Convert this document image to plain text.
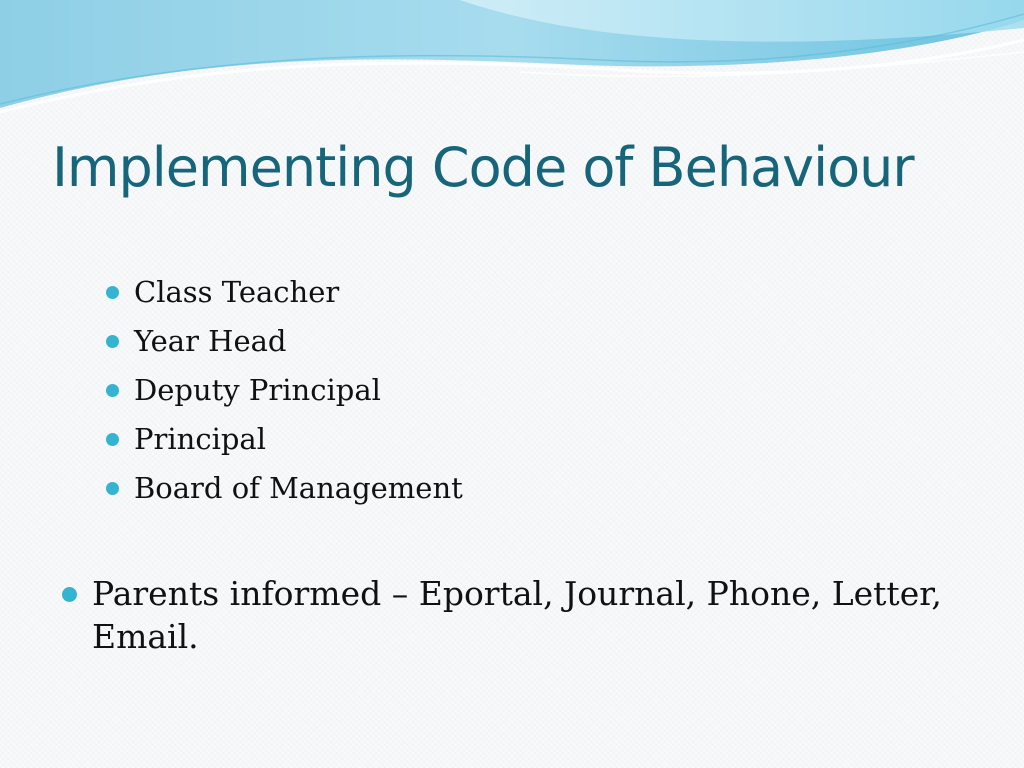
Implementing Code of Behaviour
Class Teacher
Year Head
Deputy Principal
Principal
Board of Management
Parents informed – Eportal, Journal, Phone, Letter, Email.
